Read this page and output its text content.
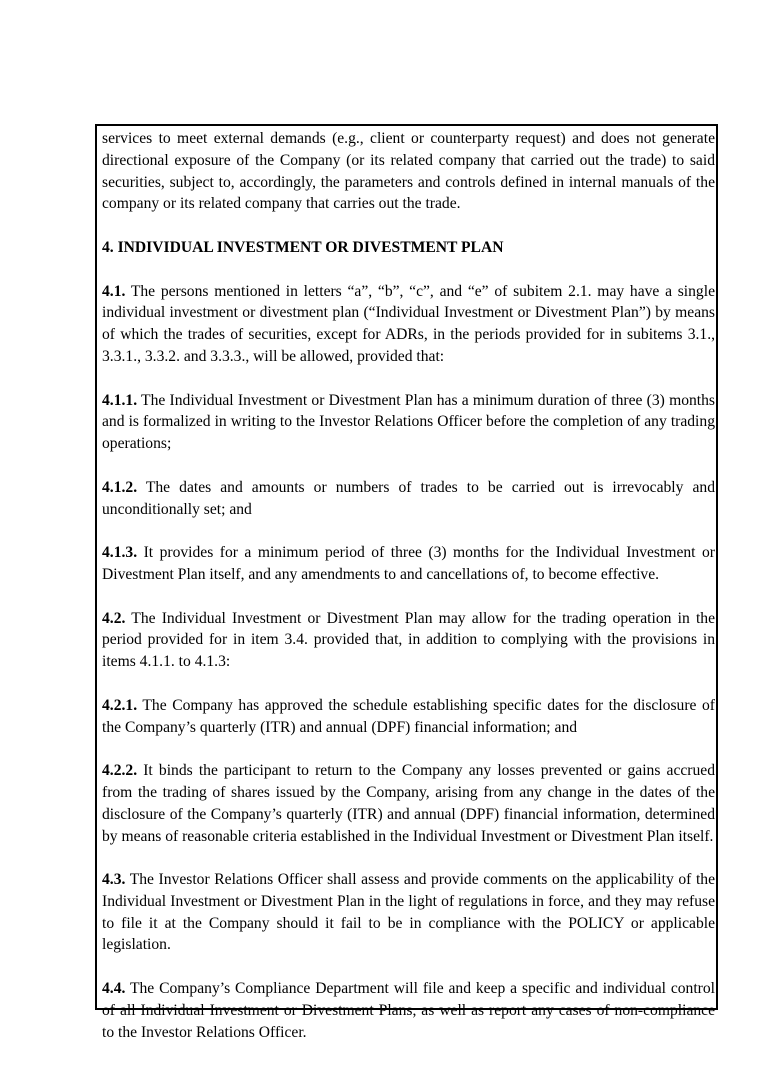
services to meet external demands (e.g., client or counterparty request) and does not generate directional exposure of the Company (or its related company that carried out the trade) to said securities, subject to, accordingly, the parameters and controls defined in internal manuals of the company or its related company that carries out the trade.

4. INDIVIDUAL INVESTMENT OR DIVESTMENT PLAN

4.1. The persons mentioned in letters “a”, “b”, “c”, and “e” of subitem 2.1. may have a single individual investment or divestment plan (“Individual Investment or Divestment Plan”) by means of which the trades of securities, except for ADRs, in the periods provided for in subitems 3.1., 3.3.1., 3.3.2. and 3.3.3., will be allowed, provided that:

4.1.1. The Individual Investment or Divestment Plan has a minimum duration of three (3) months and is formalized in writing to the Investor Relations Officer before the completion of any trading operations;

4.1.2. The dates and amounts or numbers of trades to be carried out is irrevocably and unconditionally set; and

4.1.3. It provides for a minimum period of three (3) months for the Individual Investment or Divestment Plan itself, and any amendments to and cancellations of, to become effective.

4.2. The Individual Investment or Divestment Plan may allow for the trading operation in the period provided for in item 3.4. provided that, in addition to complying with the provisions in items 4.1.1. to 4.1.3:

4.2.1. The Company has approved the schedule establishing specific dates for the disclosure of the Company’s quarterly (ITR) and annual (DPF) financial information; and

4.2.2. It binds the participant to return to the Company any losses prevented or gains accrued from the trading of shares issued by the Company, arising from any change in the dates of the disclosure of the Company’s quarterly (ITR) and annual (DPF) financial information, determined by means of reasonable criteria established in the Individual Investment or Divestment Plan itself.

4.3. The Investor Relations Officer shall assess and provide comments on the applicability of the Individual Investment or Divestment Plan in the light of regulations in force, and they may refuse to file it at the Company should it fail to be in compliance with the POLICY or applicable legislation.

4.4. The Company’s Compliance Department will file and keep a specific and individual control of all Individual Investment or Divestment Plans, as well as report any cases of non-compliance to the Investor Relations Officer.
